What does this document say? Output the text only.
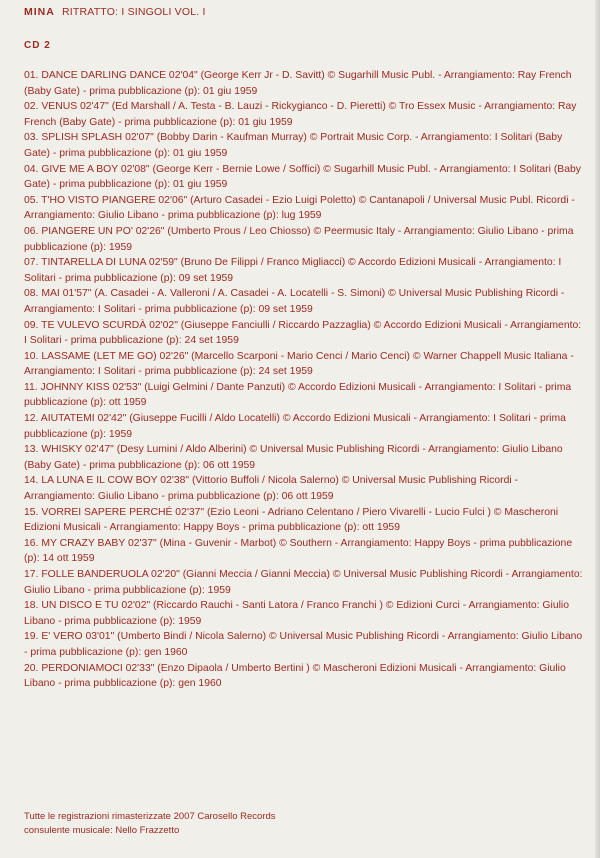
MINA RITRATTO: I SINGOLI VOL. I
CD 2
01. DANCE DARLING DANCE 02'04" (George Kerr Jr - D. Savitt) © Sugarhill Music Publ. - Arrangiamento: Ray French (Baby Gate) - prima pubblicazione (p): 01 giu 1959
02. VENUS 02'47" (Ed Marshall / A. Testa - B. Lauzi - Rickygianco - D. Pieretti) © Tro Essex Music - Arrangiamento: Ray French (Baby Gate) - prima pubblicazione (p): 01 giu 1959
03. SPLISH SPLASH 02'07" (Bobby Darin - Kaufman Murray) © Portrait Music Corp. - Arrangiamento: I Solitari (Baby Gate) - prima pubblicazione (p): 01 giu 1959
04. GIVE ME A BOY 02'08" (George Kerr - Bernie Lowe / Soffici) © Sugarhill Music Publ. - Arrangiamento: I Solitari (Baby Gate) - prima pubblicazione (p): 01 giu 1959
05. T'HO VISTO PIANGERE 02'06" (Arturo Casadei - Ezio Luigi Poletto) © Cantanapoli / Universal Music Publ. Ricordi - Arrangiamento: Giulio Libano - prima pubblicazione (p): lug 1959
06. PIANGERE UN PO' 02'26" (Umberto Prous / Leo Chiosso) © Peermusic Italy - Arrangiamento: Giulio Libano - prima pubblicazione (p): 1959
07. TINTARELLA DI LUNA 02'59" (Bruno De Filippi / Franco Migliacci) © Accordo Edizioni Musicali - Arrangiamento: I Solitari - prima pubblicazione (p): 09 set 1959
08. MAI 01'57" (A. Casadei - A. Valleroni / A. Casadei - A. Locatelli - S. Simoni) © Universal Music Publishing Ricordi - Arrangiamento: I Solitari - prima pubblicazione (p): 09 set 1959
09. TE VULEVO SCURDÀ 02'02" (Giuseppe Fanciulli / Riccardo Pazzaglia) © Accordo Edizioni Musicali - Arrangiamento: I Solitari - prima pubblicazione (p): 24 set 1959
10. LASSAME (LET ME GO) 02'26" (Marcello Scarponi - Mario Cenci / Mario Cenci) © Warner Chappell Music Italiana - Arrangiamento: I Solitari - prima pubblicazione (p): 24 set 1959
11. JOHNNY KISS 02'53" (Luigi Gelmini / Dante Panzuti) © Accordo Edizioni Musicali - Arrangiamento: I Solitari - prima pubblicazione (p): ott 1959
12. AIUTATEMI 02'42" (Giuseppe Fucilli / Aldo Locatelli) © Accordo Edizioni Musicali - Arrangiamento: I Solitari - prima pubblicazione (p): 1959
13. WHISKY 02'47" (Desy Lumini / Aldo Alberini) © Universal Music Publishing Ricordi - Arrangiamento: Giulio Libano (Baby Gate) - prima pubblicazione (p): 06 ott 1959
14. LA LUNA E IL COW BOY 02'38" (Vittorio Buffoli / Nicola Salerno) © Universal Music Publishing Ricordi - Arrangiamento: Giulio Libano - prima pubblicazione (p): 06 ott 1959
15. VORREI SAPERE PERCHÉ 02'37" (Ezio Leoni - Adriano Celentano / Piero Vivarelli - Lucio Fulci ) © Mascheroni Edizioni Musicali - Arrangiamento: Happy Boys - prima pubblicazione (p): ott 1959
16. MY CRAZY BABY 02'37" (Mina - Guvenir - Marbot) © Southern - Arrangiamento: Happy Boys - prima pubblicazione (p): 14 ott 1959
17. FOLLE BANDERUOLA 02'20" (Gianni Meccia / Gianni Meccia) © Universal Music Publishing Ricordi - Arrangiamento: Giulio Libano - prima pubblicazione (p): 1959
18. UN DISCO E TU 02'02" (Riccardo Rauchi - Santi Latora / Franco Franchi ) © Edizioni Curci - Arrangiamento: Giulio Libano - prima pubblicazione (p): 1959
19. E' VERO 03'01" (Umberto Bindi / Nicola Salerno) © Universal Music Publishing Ricordi - Arrangiamento: Giulio Libano - prima pubblicazione (p): gen 1960
20. PERDONIAMOCI 02'33" (Enzo Dipaola / Umberto Bertini ) © Mascheroni Edizioni Musicali - Arrangiamento: Giulio Libano - prima pubblicazione (p): gen 1960
Tutte le registrazioni rimasterizzate 2007 Carosello Records
consulente musicale: Nello Frazzetto
